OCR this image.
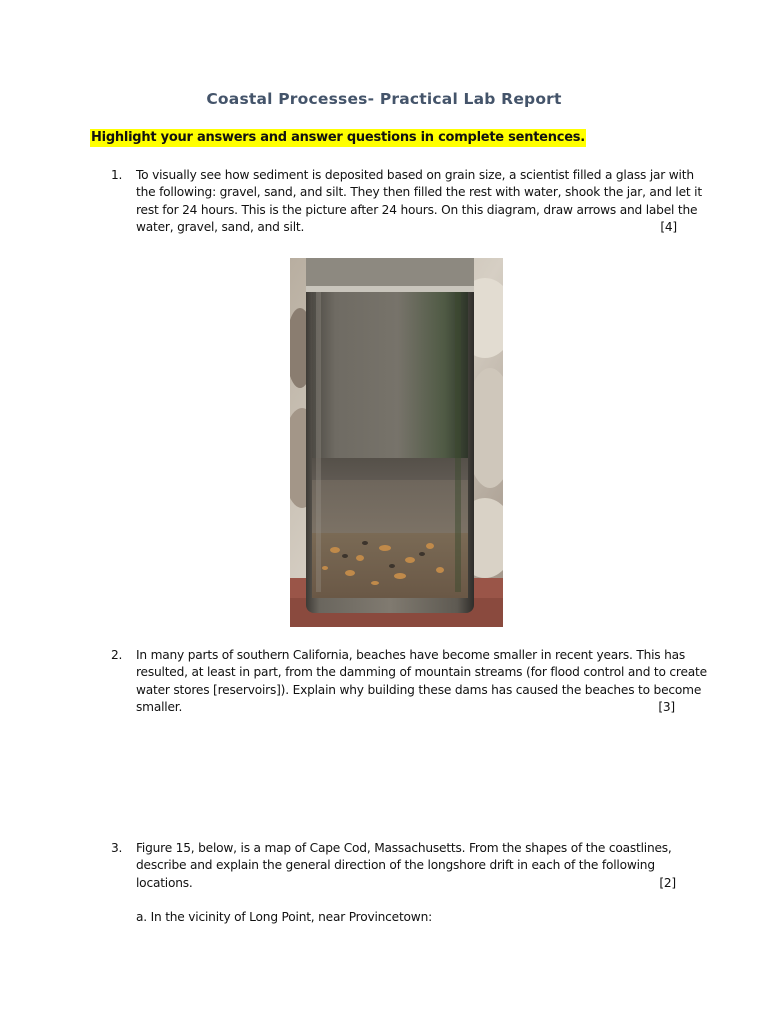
Coastal Processes- Practical Lab Report
Highlight your answers and answer questions in complete sentences.
1. To visually see how sediment is deposited based on grain size, a scientist filled a glass jar with
the following: gravel, sand, and silt. They then filled the rest with water, shook the jar, and let it
rest for 24 hours. This is the picture after 24 hours. On this diagram, draw arrows and label the
water, gravel, sand, and silt.	[4]
2. In many parts of southern California, beaches have become smaller in recent years. This has
resulted, at least in part, from the damming of mountain streams (for flood control and to create
water stores [reservoirs]). Explain why building these dams has caused the beaches to become
smaller.	[3]
3. Figure 15, below, is a map of Cape Cod, Massachusetts. From the shapes of the coastlines,
describe and explain the general direction of the longshore drift in each of the following
locations.	[2]
a. In the vicinity of Long Point, near Provincetown:
